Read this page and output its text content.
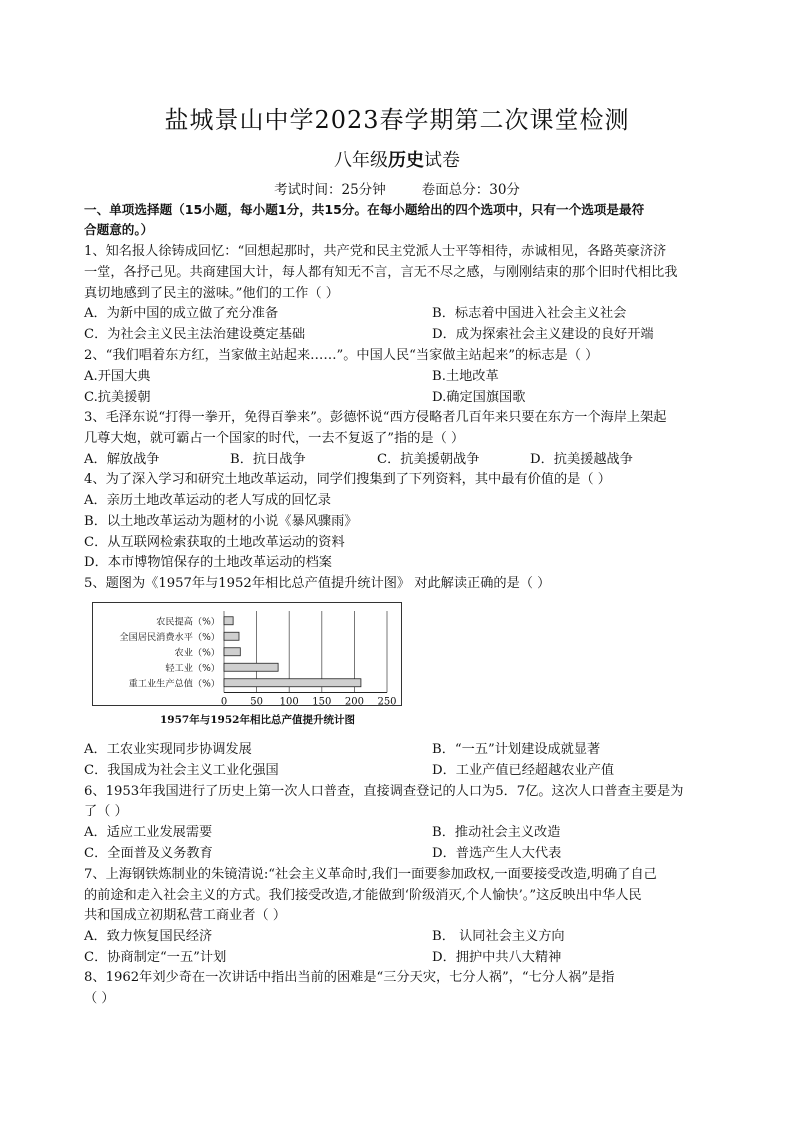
盐城景山中学2023春学期第二次课堂检测
八年级历史试卷
考试时间：25分钟	卷面总分：30分
一、单项选择题（15小题，每小题1分，共15分。在每小题给出的四个选项中，只有一个选项是最符
合题意的。）
1、知名报人徐铸成回忆：“回想起那时，共产党和民主党派人士平等相待，赤诚相见，各路英豪济济
一堂，各抒己见。共商建国大计，每人都有知无不言，言无不尽之感，与刚刚结束的那个旧时代相比我
真切地感到了民主的滋味。”他们的工作（ ）
A．为新中国的成立做了充分准备	B．标志着中国进入社会主义社会
C．为社会主义民主法治建设奠定基础	D．成为探索社会主义建设的良好开端
2、“我们唱着东方红，当家做主站起来……”。中国人民“当家做主站起来”的标志是（ ）
A.开国大典	B.土地改革
C.抗美援朝	D.确定国旗国歌
3、毛泽东说“打得一拳开，免得百拳来”。彭德怀说“西方侵略者几百年来只要在东方一个海岸上架起
几尊大炮，就可霸占一个国家的时代，一去不复返了”指的是（ ）
A．解放战争	B．抗日战争	C．抗美援朝战争	D．抗美援越战争
4、为了深入学习和研究土地改革运动，同学们搜集到了下列资料，其中最有价值的是（ ）
A．亲历土地改革运动的老人写成的回忆录
B．以土地改革运动为题材的小说《暴风骤雨》
C．从互联网检索获取的土地改革运动的资料
D．本市博物馆保存的土地改革运动的档案
5、题图为《1957年与1952年相比总产值提升统计图》 对此解读正确的是（ ）
0 50 100 150 200 250
农民提高（%）
全国居民消费水平（%）
农业（%）
轻工业（%）
重工业生产总值（%）
1957年与1952年相比总产值提升统计图
A．工农业实现同步协调发展	B．“一五”计划建设成就显著
C．我国成为社会主义工业化强国	D．工业产值已经超越农业产值
6、1953年我国进行了历史上第一次人口普查，直接调查登记的人口为5．7亿。这次人口普查主要是为
了（ ）
A．适应工业发展需要	B．推动社会主义改造
C．全面普及义务教育	D．普选产生人大代表
7、上海钢铁炼制业的朱镜清说:“社会主义革命时,我们一面要参加政权,一面要接受改造,明确了自己
的前途和走入社会主义的方式。我们接受改造,才能做到‘阶级消灭,个人愉快’。”这反映出中华人民
共和国成立初期私营工商业者（ ）
A．致力恢复国民经济	B． 认同社会主义方向
C．协商制定“一五”计划	D．拥护中共八大精神
8、1962年刘少奇在一次讲话中指出当前的困难是“三分天灾，七分人祸”，“七分人祸”是指
（ ）
